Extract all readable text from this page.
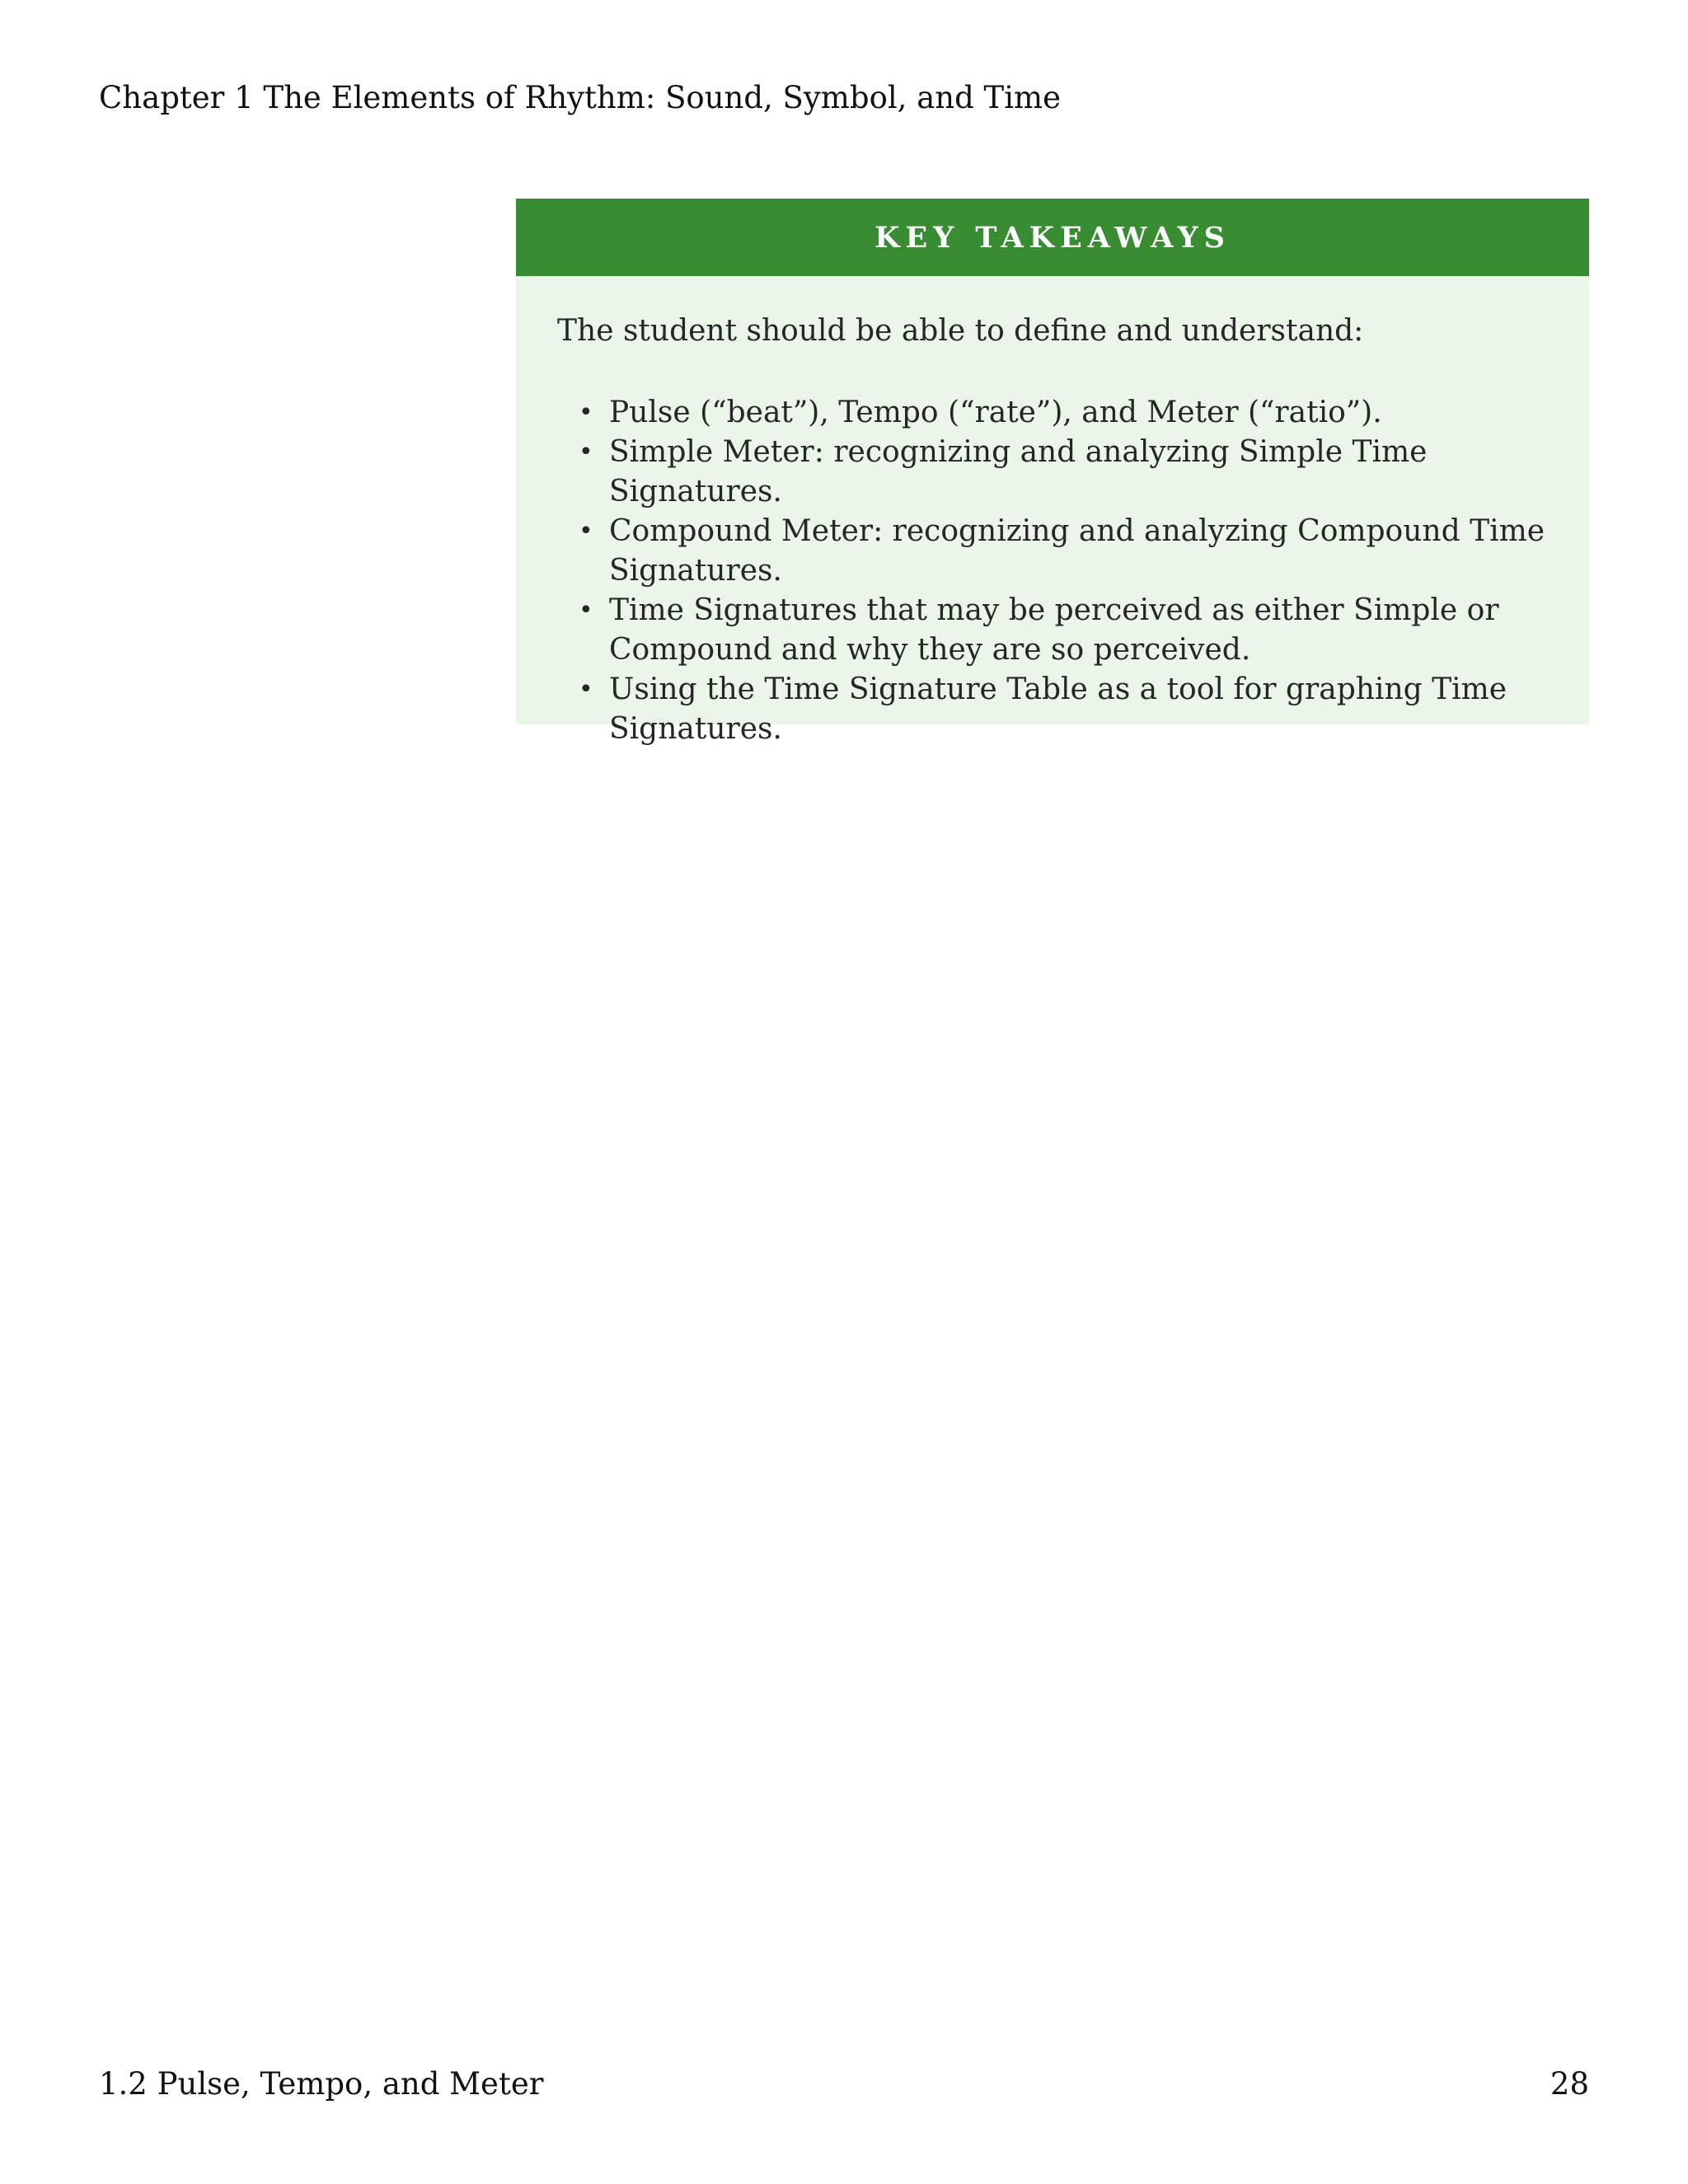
Chapter 1 The Elements of Rhythm: Sound, Symbol, and Time
KEY TAKEAWAYS

The student should be able to define and understand:

• Pulse (“beat”), Tempo (“rate”), and Meter (“ratio”).
• Simple Meter: recognizing and analyzing Simple Time Signatures.
• Compound Meter: recognizing and analyzing Compound Time Signatures.
• Time Signatures that may be perceived as either Simple or Compound and why they are so perceived.
• Using the Time Signature Table as a tool for graphing Time Signatures.
1.2 Pulse, Tempo, and Meter	28
